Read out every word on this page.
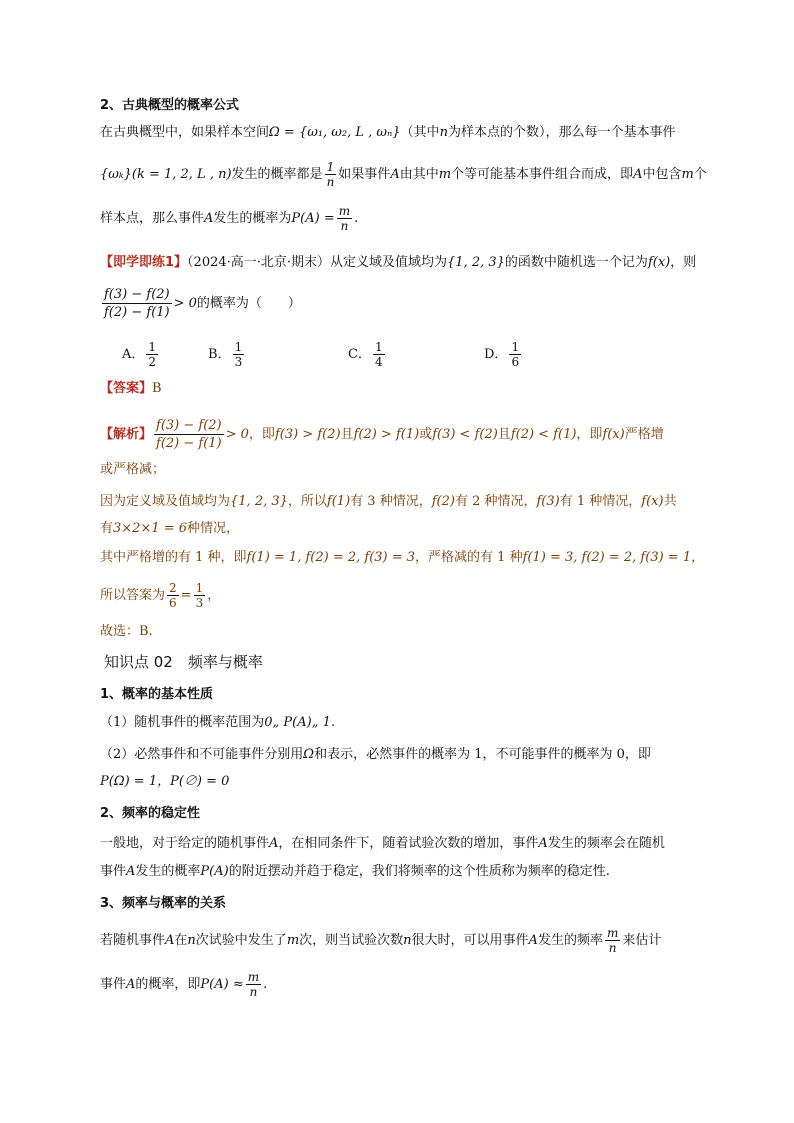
2、古典概型的概率公式
在古典概型中，如果样本空间Ω = {ω₁, ω₂, L , ωₙ}（其中n为样本点的个数），那么每一个基本事件
{ωₖ}(k = 1, 2, L , n)发生的概率都是 $\frac{1}{n}$ 如果事件A由其中m个等可能基本事件组合而成，即A中包含m个
样本点，那么事件A发生的概率为$P(A) = \frac{m}{n}$ .
【即学即练1】（2024·高一·北京·期末）从定义域及值域均为{1, 2, 3}的函数中随机选一个记为f(x)，则
$\frac{f(3) - f(2)}{f(2) - f(1)} > 0$的概率为（　　）
A． $\frac{1}{2}$	B． $\frac{1}{3}$	C． $\frac{1}{4}$	D． $\frac{1}{6}$
【答案】B
【解析】 $\frac{f(3) - f(2)}{f(2) - f(1)} > 0$，即f(3) > f(2)且f(2) > f(1)或f(3) < f(2)且f(2) < f(1)，即f(x)严格增
或严格减；
因为定义域及值域均为{1, 2, 3}，所以f(1)有 3 种情况，f(2)有 2 种情况，f(3)有 1 种情况，f(x)共
有3×2×1 = 6种情况，
其中严格增的有 1 种，即f(1) = 1, f(2) = 2, f(3) = 3，严格减的有 1 种f(1) = 3, f(2) = 2, f(3) = 1，
所以答案为 $\frac{2}{6} = \frac{1}{3}$ ，
故选：B.
知识点 02　频率与概率
1、概率的基本性质
（1）随机事件的概率范围为0„ P(A)„ 1.
（2）必然事件和不可能事件分别用Ω和表示，必然事件的概率为 1，不可能事件的概率为 0，即
P(Ω) = 1，P(∅) = 0
2、频率的稳定性
一般地，对于给定的随机事件A，在相同条件下，随着试验次数的增加，事件A发生的频率会在随机
事件A发生的概率P(A)的附近摆动并趋于稳定，我们将频率的这个性质称为频率的稳定性.
3、频率与概率的关系
若随机事件A在n次试验中发生了m次，则当试验次数n很大时，可以用事件A发生的频率 $\frac{m}{n}$ 来估计
事件A的概率，即$P(A) \approx \frac{m}{n}$ .
